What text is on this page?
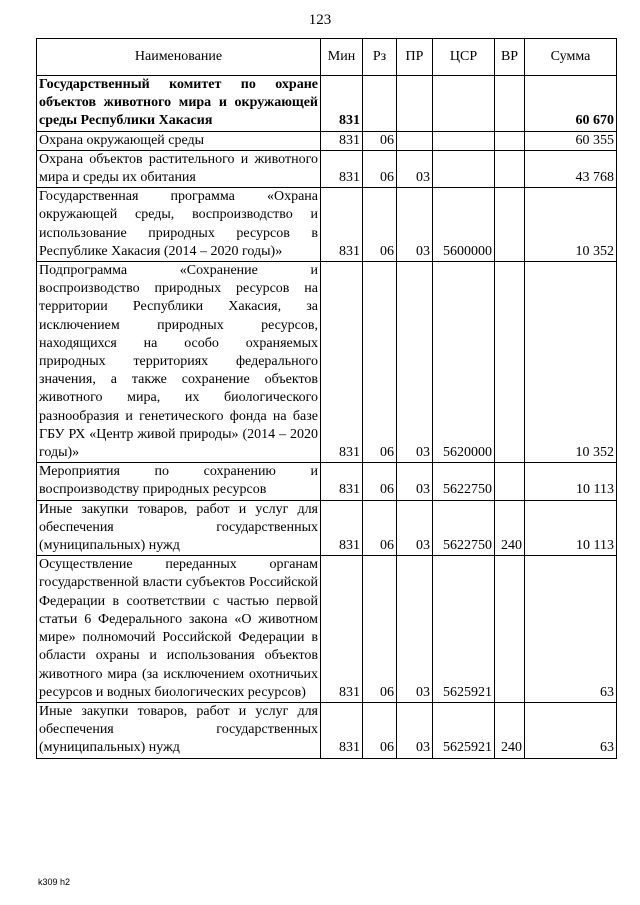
123
Наименование	Мин	Рз	ПР	ЦСР	ВР	Сумма
Государственный комитет по охране объектов животного мира и окружающей среды Республики Хакасия	831					60 670
Охрана окружающей среды	831	06				60 355
Охрана объектов растительного и животного мира и среды их обитания	831	06	03			43 768
Государственная программа «Охрана окружающей среды, воспроизводство и использование природных ресурсов в Республике Хакасия (2014 – 2020 годы)»	831	06	03	5600000		10 352
Подпрограмма «Сохранение и воспроизводство природных ресурсов на территории Республики Хакасия, за исключением природных ресурсов, находящихся на особо охраняемых природных территориях федерального значения, а также сохранение объектов животного мира, их биологического разнообразия и генетического фонда на базе ГБУ РХ «Центр живой природы» (2014 – 2020 годы)»	831	06	03	5620000		10 352
Мероприятия по сохранению и воспроизводству природных ресурсов	831	06	03	5622750		10 113
Иные закупки товаров, работ и услуг для обеспечения государственных (муниципальных) нужд	831	06	03	5622750	240	10 113
Осуществление переданных органам государственной власти субъектов Российской Федерации в соответствии с частью первой статьи 6 Федерального закона «О животном мире» полномочий Российской Федерации в области охраны и использования объектов животного мира (за исключением охотничьих ресурсов и водных биологических ресурсов)	831	06	03	5625921		63
Иные закупки товаров, работ и услуг для обеспечения государственных (муниципальных) нужд	831	06	03	5625921	240	63
k309 h2
